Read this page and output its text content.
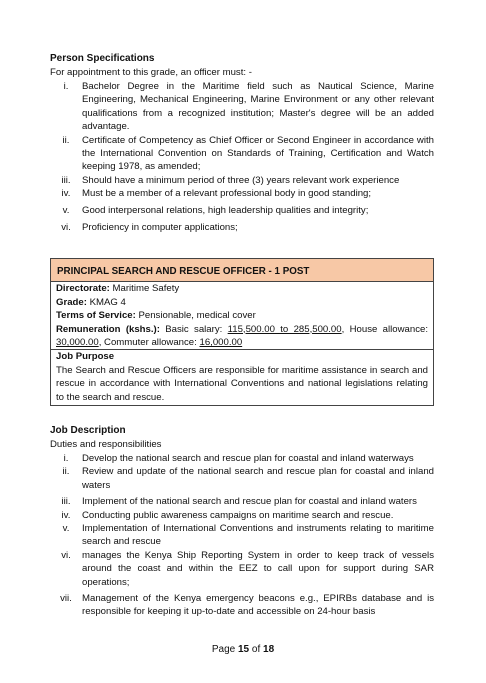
Person Specifications
For appointment to this grade, an officer must: -
i.	Bachelor Degree in the Maritime field such as Nautical Science, Marine Engineering, Mechanical Engineering, Marine Environment or any other relevant qualifications from a recognized institution; Master's degree will be an added advantage.
ii.	Certificate of Competency as Chief Officer or Second Engineer in accordance with the International Convention on Standards of Training, Certification and Watch keeping 1978, as amended;
iii.	Should have a minimum period of three (3) years relevant work experience
iv.	Must be a member of a relevant professional body in good standing;
v.	Good interpersonal relations, high leadership qualities and integrity;
vi.	Proficiency in computer applications;
PRINCIPAL SEARCH AND RESCUE OFFICER - 1 POST

Directorate: Maritime Safety

Grade: KMAG 4

Terms of Service: Pensionable, medical cover

Remuneration (kshs.): Basic salary: 115,500.00 to 285,500.00, House allowance: 30,000.00, Commuter allowance: 16,000.00

Job Purpose

The Search and Rescue Officers are responsible for maritime assistance in search and rescue in accordance with International Conventions and national legislations relating to the search and rescue.

Job Description
Duties and responsibilities
i.	Develop the national search and rescue plan for coastal and inland waterways
ii.	Review and update of the national search and rescue plan for coastal and inland waters
iii.	Implement of the national search and rescue plan for coastal and inland waters
iv.	Conducting public awareness campaigns on maritime search and rescue.
v.	Implementation of International Conventions and instruments relating to maritime search and rescue
vi.	manages the Kenya Ship Reporting System in order to keep track of vessels around the coast and within the EEZ to call upon for support during SAR operations;
vii.	Management of the Kenya emergency beacons e.g., EPIRBs database and is responsible for keeping it up-to-date and accessible on 24-hour basis
Page 15 of 18
